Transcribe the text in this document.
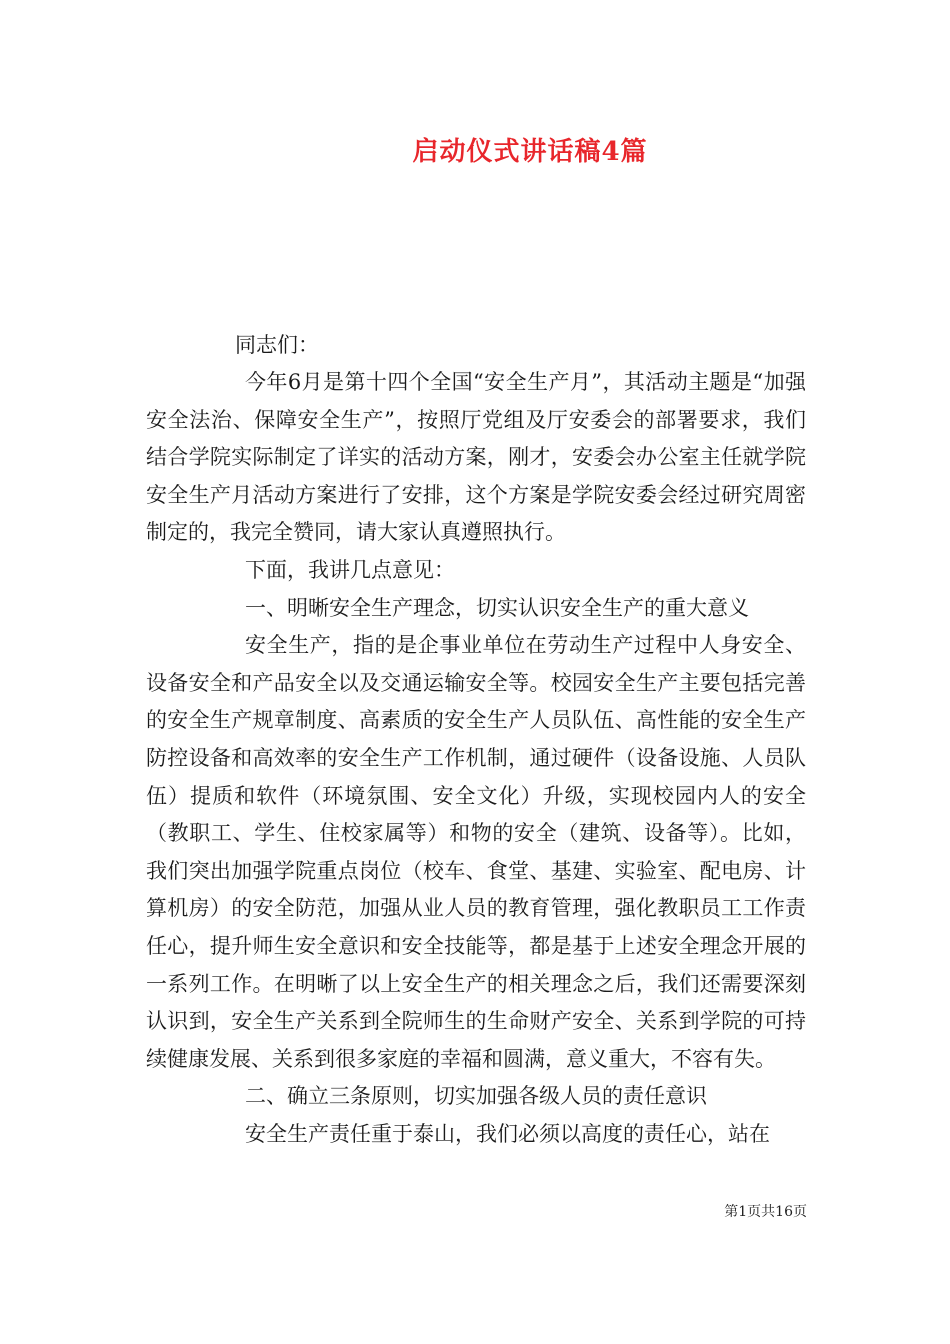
启动仪式讲话稿4篇
同志们：

今年6月是第十四个全国“安全生产月”，其活动主题是“加强安全法治、保障安全生产”，按照厅党组及厅安委会的部署要求，我们结合学院实际制定了详实的活动方案，刚才，安委会办公室主任就学院安全生产月活动方案进行了安排，这个方案是学院安委会经过研究周密制定的，我完全赞同，请大家认真遵照执行。

下面，我讲几点意见：

一、明晰安全生产理念，切实认识安全生产的重大意义

安全生产，指的是企事业单位在劳动生产过程中人身安全、设备安全和产品安全以及交通运输安全等。校园安全生产主要包括完善的安全生产规章制度、高素质的安全生产人员队伍、高性能的安全生产防控设备和高效率的安全生产工作机制，通过硬件（设备设施、人员队伍）提质和软件（环境氛围、安全文化）升级，实现校园内人的安全（教职工、学生、住校家属等）和物的安全（建筑、设备等）。比如，我们突出加强学院重点岗位（校车、食堂、基建、实验室、配电房、计算机房）的安全防范，加强从业人员的教育管理，强化教职员工工作责任心，提升师生安全意识和安全技能等，都是基于上述安全理念开展的一系列工作。在明晰了以上安全生产的相关理念之后，我们还需要深刻认识到，安全生产关系到全院师生的生命财产安全、关系到学院的可持续健康发展、关系到很多家庭的幸福和圆满，意义重大，不容有失。

二、确立三条原则，切实加强各级人员的责任意识

安全生产责任重于泰山，我们必须以高度的责任心，站在

第1页共16页
